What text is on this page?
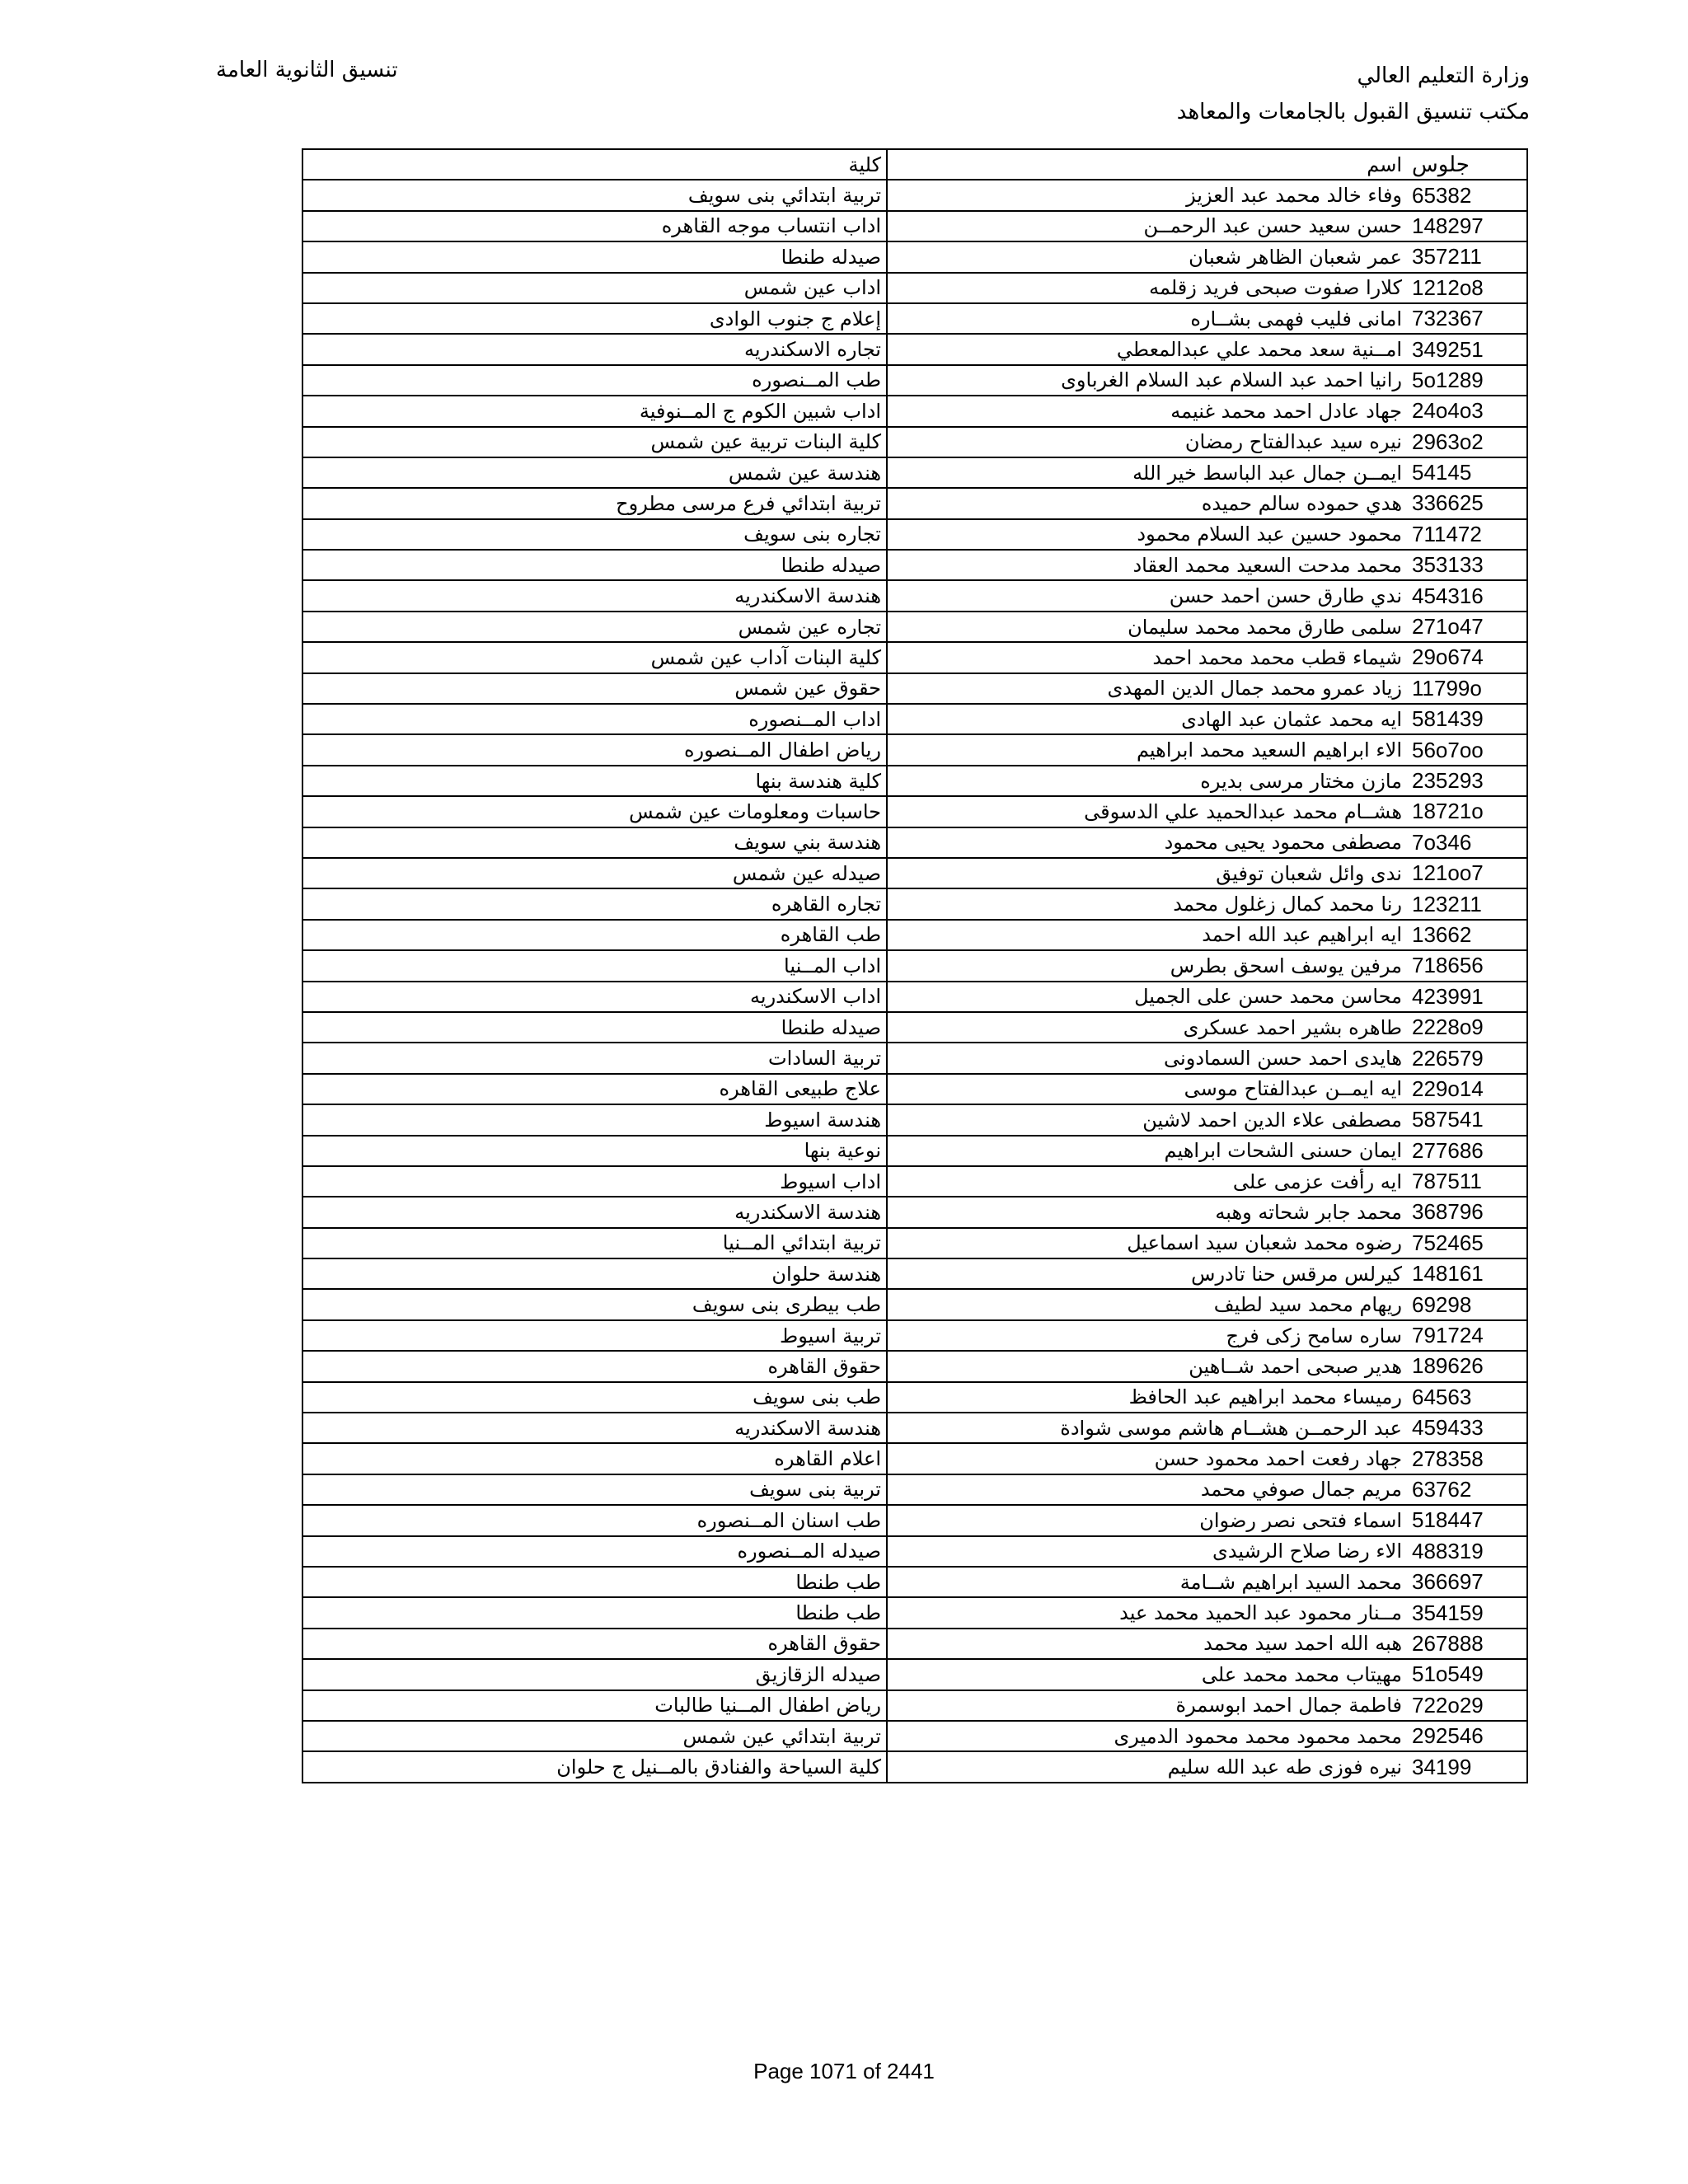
تنسيق الثانوية العامة	وزارة التعليم العالي
مكتب تنسيق القبول بالجامعات والمعاهد
كلية	اسم	جلوس
تربية ابتدائي بنى سويف	وفاء خالد محمد عبد العزيز	65382
اداب انتساب موجه القاهره	حسن سعيد حسن عبد الرحمــن	148297
صيدله طنطا	عمر شعبان الظاهر شعبان	357211
اداب عين شمس	كلارا صفوت صبحى فريد زقلمه	1212o8
إعلام ج جنوب الوادى	امانى فليب فهمى بشــاره	732367
تجاره الاسكندريه	امــنية سعد محمد علي عبدالمعطي	349251
طب المــنصوره	رانيا احمد عبد السلام عبد السلام الغرباوى	5o1289
اداب شبين الكوم ج المــنوفية	جهاد عادل احمد محمد غنيمه	24o4o3
كلية البنات تربية عين شمس	نيره سيد عبدالفتاح رمضان	2963o2
هندسة عين شمس	ايمــن جمال عبد الباسط خير الله	54145
تربية ابتدائي فرع مرسى مطروح	هدي حموده سالم حميده	336625
تجاره بنى سويف	محمود حسين عبد السلام محمود	711472
صيدله طنطا	محمد مدحت السعيد محمد العقاد	353133
هندسة الاسكندريه	ندي طارق حسن احمد حسن	454316
تجاره عين شمس	سلمى طارق محمد محمد سليمان	271o47
كلية البنات آداب عين شمس	شيماء قطب محمد محمد احمد	29o674
حقوق عين شمس	زياد عمرو محمد جمال الدين المهدى	11799o
اداب المــنصوره	ايه محمد عثمان عبد الهادى	581439
رياض اطفال المــنصوره	الاء ابراهيم السعيد محمد ابراهيم	56o7oo
كلية هندسة بنها	مازن مختار مرسى بديره	235293
حاسبات ومعلومات عين شمس	هشــام محمد عبدالحميد علي الدسوقى	18721o
هندسة بني سويف	مصطفى محمود يحيى محمود	7o346
صيدله عين شمس	ندى وائل شعبان توفيق	121oo7
تجاره القاهره	رنا محمد كمال زغلول محمد	123211
طب القاهره	ايه ابراهيم عبد الله احمد	13662
اداب المــنيا	مرفين يوسف اسحق بطرس	718656
اداب الاسكندريه	محاسن محمد حسن على الجميل	423991
صيدله طنطا	طاهره بشير احمد عسكرى	2228o9
تربية السادات	هايدى احمد حسن السمادونى	226579
علاج طبيعى القاهره	ايه ايمــن عبدالفتاح موسى	229o14
هندسة اسيوط	مصطفى علاء الدين احمد لاشين	587541
نوعية بنها	ايمان حسنى الشحات ابراهيم	277686
اداب اسيوط	ايه رأفت عزمى على	787511
هندسة الاسكندريه	محمد جابر شحاته وهبه	368796
تربية ابتدائي المــنيا	رضوه محمد شعبان سيد اسماعيل	752465
هندسة حلوان	كيرلس مرقس حنا تادرس	148161
طب بيطرى بنى سويف	ريهام محمد سيد لطيف	69298
تربية اسيوط	ساره سامح زكى فرج	791724
حقوق القاهره	هدير صبحى احمد شــاهين	189626
طب بنى سويف	رميساء محمد ابراهيم عبد الحافظ	64563
هندسة الاسكندريه	عبد الرحمــن هشــام هاشم موسى شوادة	459433
اعلام القاهره	جهاد رفعت احمد محمود حسن	278358
تربية بنى سويف	مريم جمال صوفي محمد	63762
طب اسنان المــنصوره	اسماء فتحى نصر رضوان	518447
صيدله المــنصوره	الاء رضا صلاح الرشيدى	488319
طب طنطا	محمد السيد ابراهيم شــامة	366697
طب طنطا	مــنار محمود عبد الحميد محمد عيد	354159
حقوق القاهره	هبه الله احمد سيد محمد	267888
صيدله الزقازيق	مهيتاب محمد محمد على	51o549
رياض اطفال المــنيا طالبات	فاطمة جمال احمد ابوسمرة	722o29
تربية ابتدائي عين شمس	محمد محمود محمد محمود الدميرى	292546
كلية السياحة والفنادق بالمــنيل ج حلوان	نيره فوزى طه عبد الله سليم	34199
Page 1071 of 2441
